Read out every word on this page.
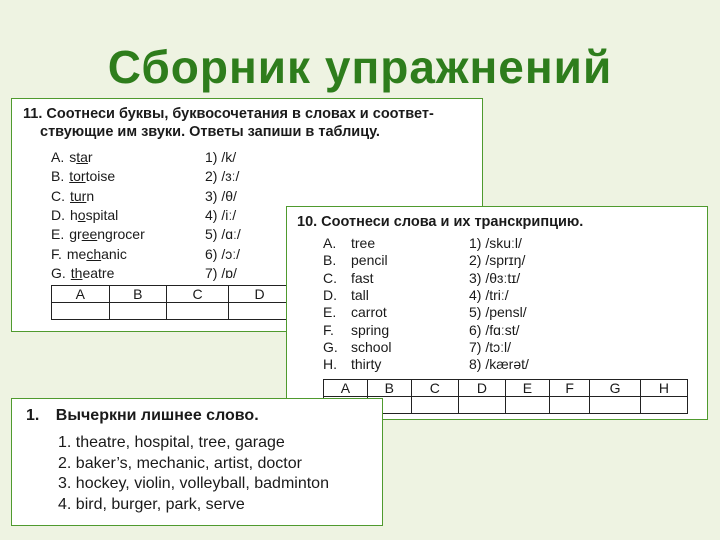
Сборник упражнений
11. Соотнеси буквы, буквосочетания в словах и соответ-
ствующие им звуки. Ответы запиши в таблицу.
A. star
B. tortoise
C. turn
D. hospital
E. greengrocer
F. mechanic
G. theatre
1) /k/
2) /ɜː/
3) /θ/
4) /iː/
5) /ɑː/
6) /ɔː/
7) /ɒ/
A	B	C	D

10. Соотнеси слова и их транскрипцию.
A. tree
B. pencil
C. fast
D. tall
E. carrot
F. spring
G. school
H. thirty
1) /skuːl/
2) /sprɪŋ/
3) /θɜːtɪ/
4) /triː/
5) /pensl/
6) /fɑːst/
7) /tɔːl/
8) /kærət/
A	B	C	D	E	F	G	H

1. Вычеркни лишнее слово.
1. theatre, hospital, tree, garage
2. baker’s, mechanic, artist, doctor
3. hockey, violin, volleyball, badminton
4. bird, burger, park, serve
